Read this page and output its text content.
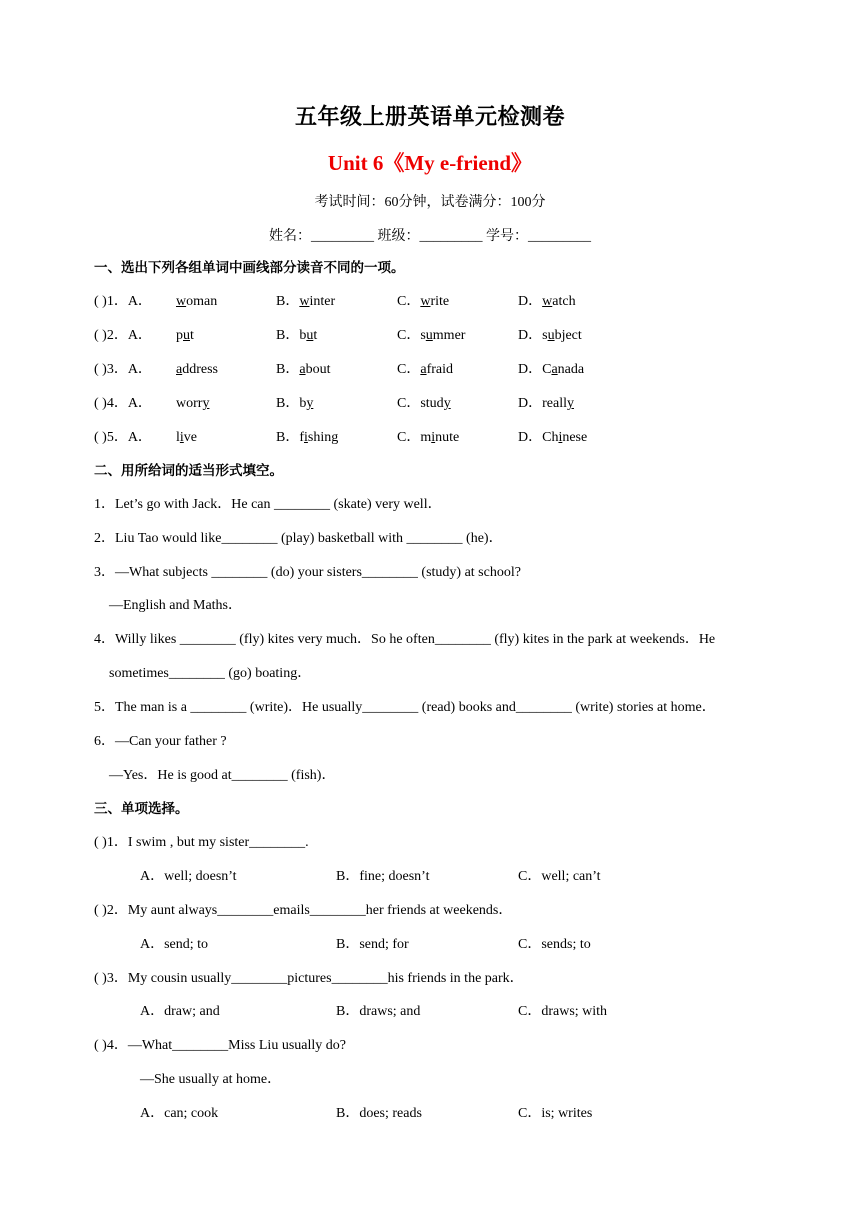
五年级上册英语单元检测卷
Unit 6《My e-friend》
考试时间：60分钟，试卷满分：100分
姓名：_________ 班级：_________ 学号：_________
一、选出下列各组单词中画线部分读音不同的一项。
( )1．A． woman	B．winter	C．write	D．watch
( )2．A． put	B．but	C．summer	D．subject
( )3．A． address	B．about	C．afraid	D．Canada
( )4．A． worry	B．by	C．study	D．really
( )5．A． live	B．fishing	C．minute	D．Chinese
二、用所给词的适当形式填空。
1．Let’s go with Jack．He can ________ (skate) very well．
2．Liu Tao would like________ (play) basketball with ________ (he)．
3．—What subjects ________ (do) your sisters________ (study) at school?
—English and Maths．
4．Willy likes ________ (fly) kites very much．So he often________ (fly) kites in the park at weekends．He
sometimes________ (go) boating．
5．The man is a ________ (write)．He usually________ (read) books and________ (write) stories at home．
6．—Can your father ?
—Yes．He is good at________ (fish)．
三、单项选择。
( )1．I swim , but my sister________.
A．well; doesn’t	B．fine; doesn’t	C．well; can’t
( )2．My aunt always________emails________her friends at weekends．
A．send; to	B．send; for	C．sends; to
( )3．My cousin usually________pictures________his friends in the park．
A．draw; and	B．draws; and	C．draws; with
( )4．—What________Miss Liu usually do?
—She usually at home．
A．can; cook	B．does; reads	C．is; writes
